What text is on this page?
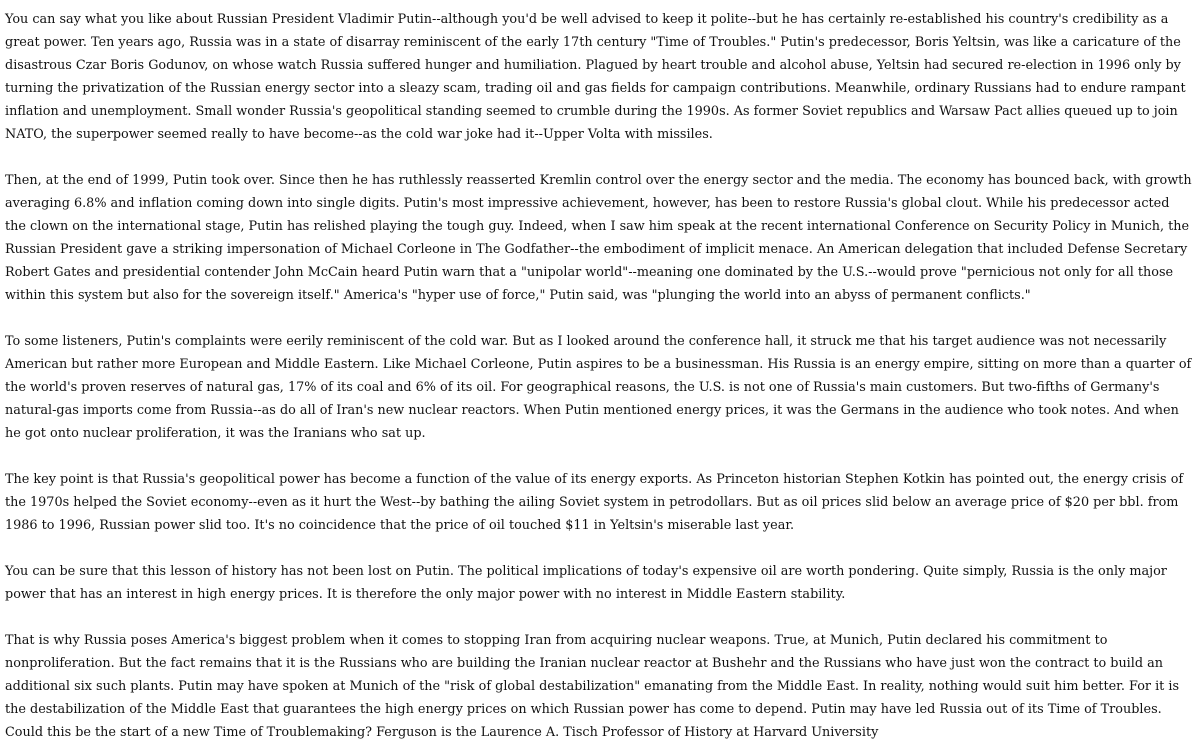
You can say what you like about Russian President Vladimir Putin--although you'd be well advised to keep it polite--but he has certainly re-established his country's credibility as a great power. Ten years ago, Russia was in a state of disarray reminiscent of the early 17th century "Time of Troubles." Putin's predecessor, Boris Yeltsin, was like a caricature of the disastrous Czar Boris Godunov, on whose watch Russia suffered hunger and humiliation. Plagued by heart trouble and alcohol abuse, Yeltsin had secured re-election in 1996 only by turning the privatization of the Russian energy sector into a sleazy scam, trading oil and gas fields for campaign contributions. Meanwhile, ordinary Russians had to endure rampant inflation and unemployment. Small wonder Russia's geopolitical standing seemed to crumble during the 1990s. As former Soviet republics and Warsaw Pact allies queued up to join NATO, the superpower seemed really to have become--as the cold war joke had it--Upper Volta with missiles.

Then, at the end of 1999, Putin took over. Since then he has ruthlessly reasserted Kremlin control over the energy sector and the media. The economy has bounced back, with growth averaging 6.8% and inflation coming down into single digits. Putin's most impressive achievement, however, has been to restore Russia's global clout. While his predecessor acted the clown on the international stage, Putin has relished playing the tough guy. Indeed, when I saw him speak at the recent international Conference on Security Policy in Munich, the Russian President gave a striking impersonation of Michael Corleone in The Godfather--the embodiment of implicit menace. An American delegation that included Defense Secretary Robert Gates and presidential contender John McCain heard Putin warn that a "unipolar world"--meaning one dominated by the U.S.--would prove "pernicious not only for all those within this system but also for the sovereign itself." America's "hyper use of force," Putin said, was "plunging the world into an abyss of permanent conflicts."

To some listeners, Putin's complaints were eerily reminiscent of the cold war. But as I looked around the conference hall, it struck me that his target audience was not necessarily American but rather more European and Middle Eastern. Like Michael Corleone, Putin aspires to be a businessman. His Russia is an energy empire, sitting on more than a quarter of the world's proven reserves of natural gas, 17% of its coal and 6% of its oil. For geographical reasons, the U.S. is not one of Russia's main customers. But two-fifths of Germany's natural-gas imports come from Russia--as do all of Iran's new nuclear reactors. When Putin mentioned energy prices, it was the Germans in the audience who took notes. And when he got onto nuclear proliferation, it was the Iranians who sat up.

The key point is that Russia's geopolitical power has become a function of the value of its energy exports. As Princeton historian Stephen Kotkin has pointed out, the energy crisis of the 1970s helped the Soviet economy--even as it hurt the West--by bathing the ailing Soviet system in petrodollars. But as oil prices slid below an average price of $20 per bbl. from 1986 to 1996, Russian power slid too. It's no coincidence that the price of oil touched $11 in Yeltsin's miserable last year.

You can be sure that this lesson of history has not been lost on Putin. The political implications of today's expensive oil are worth pondering. Quite simply, Russia is the only major power that has an interest in high energy prices. It is therefore the only major power with no interest in Middle Eastern stability.

That is why Russia poses America's biggest problem when it comes to stopping Iran from acquiring nuclear weapons. True, at Munich, Putin declared his commitment to nonproliferation. But the fact remains that it is the Russians who are building the Iranian nuclear reactor at Bushehr and the Russians who have just won the contract to build an additional six such plants. Putin may have spoken at Munich of the "risk of global destabilization" emanating from the Middle East. In reality, nothing would suit him better. For it is the destabilization of the Middle East that guarantees the high energy prices on which Russian power has come to depend. Putin may have led Russia out of its Time of Troubles. Could this be the start of a new Time of Troublemaking? Ferguson is the Laurence A. Tisch Professor of History at Harvard University
